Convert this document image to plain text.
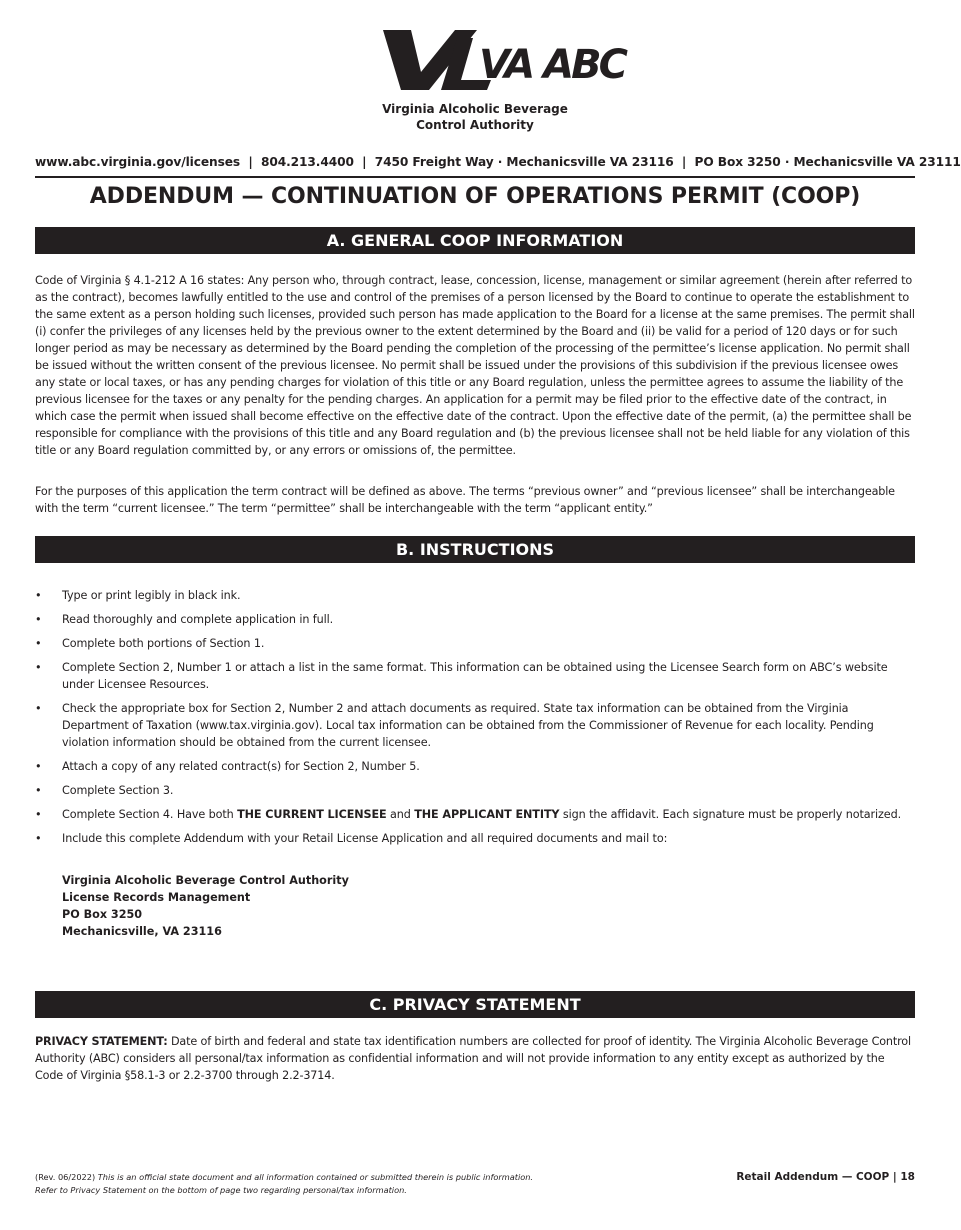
VA ABC
Virginia Alcoholic Beverage
Control Authority
www.abc.virginia.gov/licenses  |  804.213.4400  |  7450 Freight Way · Mechanicsville VA 23116  |  PO Box 3250 · Mechanicsville VA 23111
ADDENDUM — CONTINUATION OF OPERATIONS PERMIT (COOP)
A. GENERAL COOP INFORMATION

Code of Virginia § 4.1-212 A 16 states: Any person who, through contract, lease, concession, license, management or similar agreement (herein after referred to as the contract), becomes lawfully entitled to the use and control of the premises of a person licensed by the Board to continue to operate the establishment to the same extent as a person holding such licenses, provided such person has made application to the Board for a license at the same premises. The permit shall (i) confer the privileges of any licenses held by the previous owner to the extent determined by the Board and (ii) be valid for a period of 120 days or for such longer period as may be necessary as determined by the Board pending the completion of the processing of the permittee’s license application. No permit shall be issued without the written consent of the previous licensee. No permit shall be issued under the provisions of this subdivision if the previous licensee owes any state or local taxes, or has any pending charges for violation of this title or any Board regulation, unless the permittee agrees to assume the liability of the previous licensee for the taxes or any penalty for the pending charges. An application for a permit may be filed prior to the effective date of the contract, in which case the permit when issued shall become effective on the effective date of the contract. Upon the effective date of the permit, (a) the permittee shall be responsible for compliance with the provisions of this title and any Board regulation and (b) the previous licensee shall not be held liable for any violation of this title or any Board regulation committed by, or any errors or omissions of, the permittee.

For the purposes of this application the term contract will be defined as above. The terms “previous owner” and “previous licensee” shall be interchangeable with the term “current licensee.” The term “permittee” shall be interchangeable with the term “applicant entity.”

B. INSTRUCTIONS
• Type or print legibly in black ink.
• Read thoroughly and complete application in full.
• Complete both portions of Section 1.
• Complete Section 2, Number 1 or attach a list in the same format. This information can be obtained using the Licensee Search form on ABC’s website under Licensee Resources.
• Check the appropriate box for Section 2, Number 2 and attach documents as required. State tax information can be obtained from the Virginia Department of Taxation (www.tax.virginia.gov). Local tax information can be obtained from the Commissioner of Revenue for each locality. Pending violation information should be obtained from the current licensee.
• Attach a copy of any related contract(s) for Section 2, Number 5.
• Complete Section 3.
• Complete Section 4. Have both THE CURRENT LICENSEE and THE APPLICANT ENTITY sign the affidavit. Each signature must be properly notarized.
• Include this complete Addendum with your Retail License Application and all required documents and mail to:
Virginia Alcoholic Beverage Control Authority
License Records Management
PO Box 3250
Mechanicsville, VA 23116
C. PRIVACY STATEMENT

PRIVACY STATEMENT: Date of birth and federal and state tax identification numbers are collected for proof of identity. The Virginia Alcoholic Beverage Control Authority (ABC) considers all personal/tax information as confidential information and will not provide information to any entity except as authorized by the Code of Virginia §58.1-3 or 2.2-3700 through 2.2-3714.

(Rev. 06/2022) This is an official state document and all information contained or submitted therein is public information.
Refer to Privacy Statement on the bottom of page two regarding personal/tax information.
Retail Addendum — COOP | 18
